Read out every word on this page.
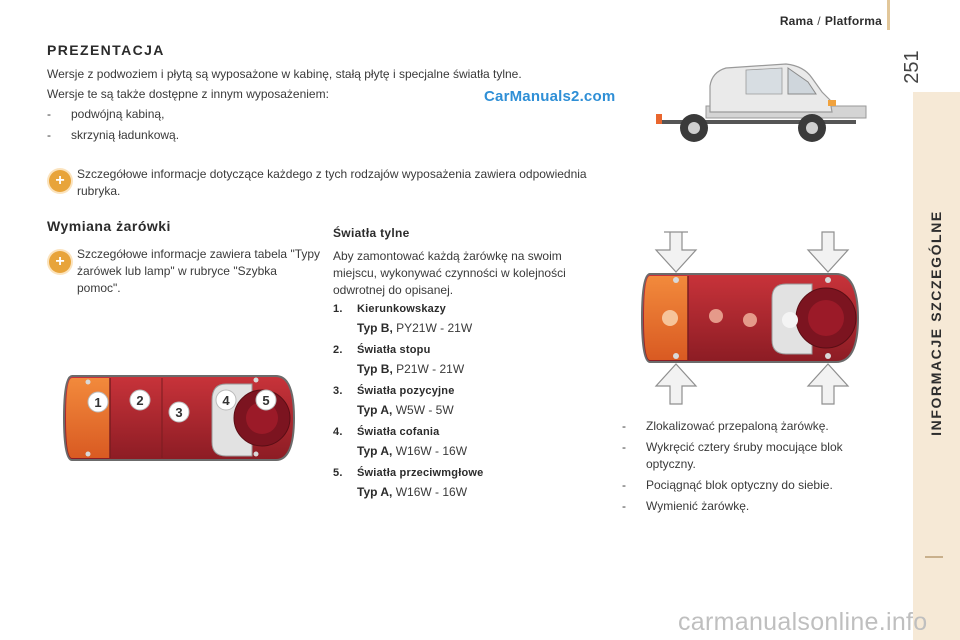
Rama / Platforma
251
INFORMACJE SZCZEGÓLNE
PREZENTACJA
Wersje z podwoziem i płytą są wyposażone w kabinę, stałą płytę i specjalne światła tylne.
Wersje te są także dostępne z innym wyposażeniem:
- podwójną kabiną,
- skrzynią ładunkową.
CarManuals2.com
+	Szczegółowe informacje dotyczące każdego z tych rodzajów wyposażenia zawiera odpowiednia rubryka.
Wymiana żarówki
+	Szczegółowe informacje zawiera tabela "Typy żarówek lub lamp" w rubryce "Szybka pomoc".
Światła tylne
Aby zamontować każdą żarówkę na swoim miejscu, wykonywać czynności w kolejności odwrotnej do opisanej.
1. Kierunkowskazy
Typ B, PY21W - 21W
2. Światła stopu
Typ B, P21W - 21W
3. Światła pozycyjne
Typ A, W5W - 5W
4. Światła cofania
Typ A, W16W - 16W
5. Światła przeciwmgłowe
Typ A, W16W - 16W
1	2
3
4	5
- Zlokalizować przepaloną żarówkę.
- Wykręcić cztery śruby mocujące blok optyczny.
- Pociągnąć blok optyczny do siebie.
- Wymienić żarówkę.
carmanualsonline.info
